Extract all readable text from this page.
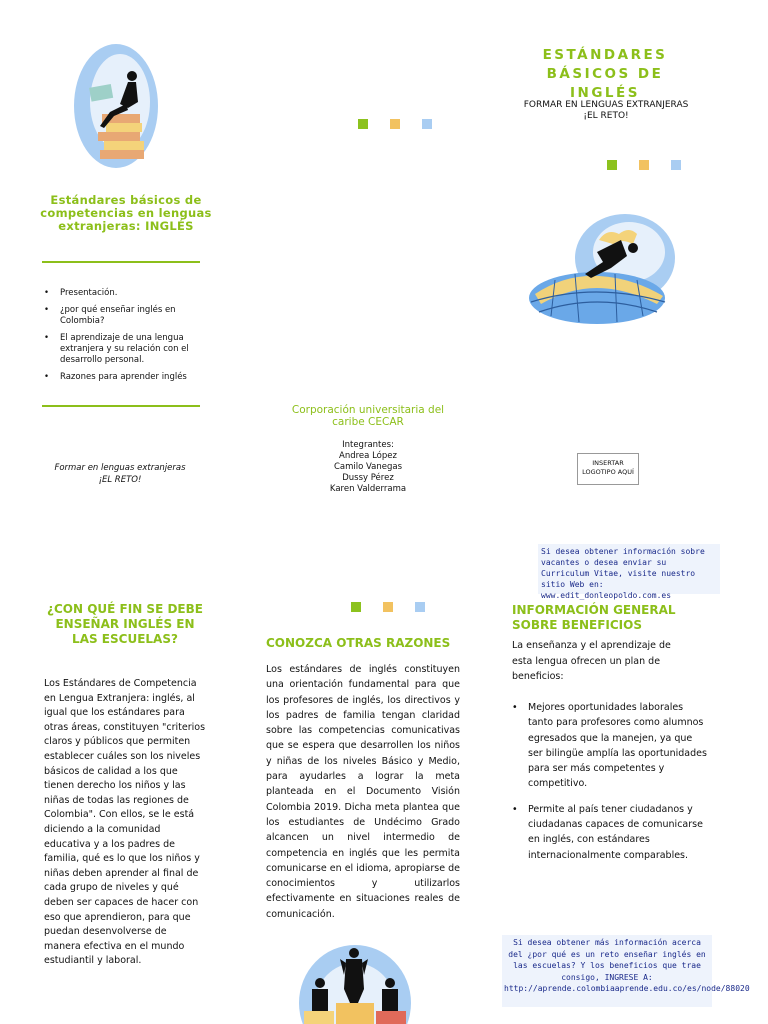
Estándares básicos de competencias en lenguas extranjeras: INGLÉS
• Presentación.
• ¿por qué enseñar inglés en Colombia?
• El aprendizaje de una lengua extranjera y su relación con el desarrollo personal.
• Razones para aprender inglés
Formar en lenguas extranjeras
¡EL RETO!
Corporación universitaria del caribe CECAR
Integrantes:
Andrea López
Camilo Vanegas
Dussy Pérez
Karen Valderrama
ESTÁNDARES
BÁSICOS DE INGLÉS
FORMAR EN LENGUAS EXTRANJERAS
¡EL RETO!
INSERTAR
LOGOTIPO AQUÍ
Si desea obtener información sobre vacantes o desea enviar su Curriculum Vitae, visite nuestro sitio Web en: www.edit_donleopoldo.com.es
¿CON QUÉ FIN SE DEBE ENSEÑAR INGLÉS EN LAS ESCUELAS?
Los Estándares de Competencia en Lengua Extranjera: inglés, al igual que los estándares para otras áreas, constituyen "criterios claros y públicos que permiten establecer cuáles son los niveles básicos de calidad a los que tienen derecho los niños y las niñas de todas las regiones de Colombia". Con ellos, se le está diciendo a la comunidad educativa y a los padres de familia, qué es lo que los niños y niñas deben aprender al final de cada grupo de niveles y qué deben ser capaces de hacer con eso que aprendieron, para que puedan desenvolverse de manera efectiva en el mundo estudiantil y laboral.
CONOZCA OTRAS RAZONES
Los estándares de inglés constituyen una orientación fundamental para que los profesores de inglés, los directivos y los padres de familia tengan claridad sobre las competencias comunicativas que se espera que desarrollen los niños y niñas de los niveles Básico y Medio, para ayudarles a lograr la meta planteada en el Documento Visión Colombia 2019. Dicha meta plantea que los estudiantes de Undécimo Grado alcancen un nivel intermedio de competencia en inglés que les permita comunicarse en el idioma, apropiarse de conocimientos y utilizarlos efectivamente en situaciones reales de comunicación.
INFORMACIÓN GENERAL SOBRE BENEFICIOS
La enseñanza y el aprendizaje de esta lengua ofrecen un plan de beneficios:
• Mejores oportunidades laborales tanto para profesores como alumnos egresados que la manejen, ya que ser bilingüe amplía las oportunidades para ser más competentes y competitivo.
• Permite al país tener ciudadanos y ciudadanas capaces de comunicarse en inglés, con estándares internacionalmente comparables.
Si desea obtener más información acerca del ¿por qué es un reto enseñar inglés en las escuelas? Y los beneficios que trae consigo, INGRESE A: http://aprende.colombiaaprende.edu.co/es/node/88020
